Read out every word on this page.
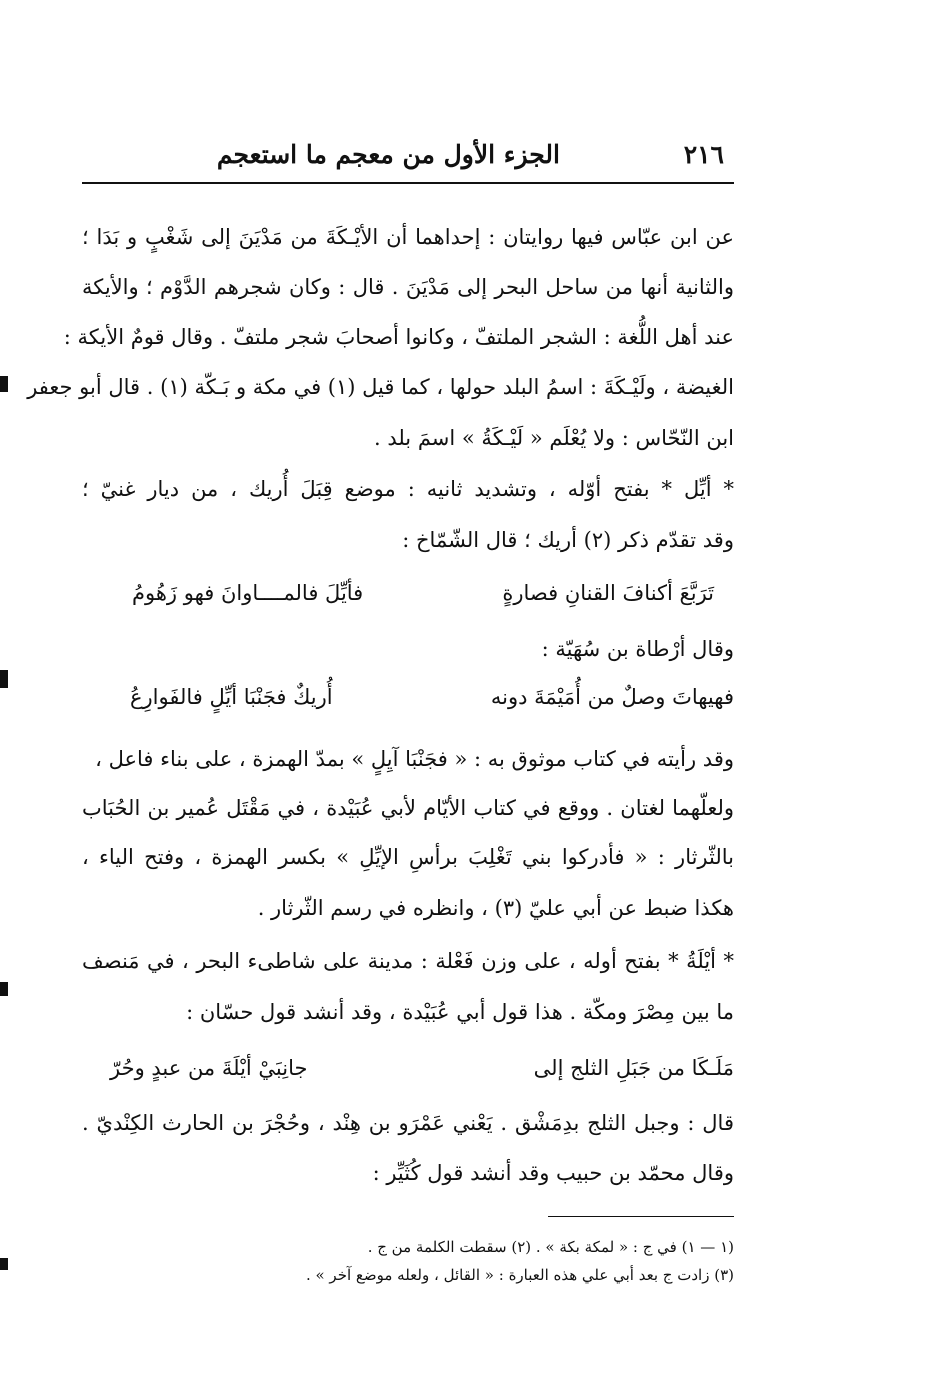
٢١٦
الجزء الأول من معجم ما استعجم
عن ابن عبّاس فيها روايتان : إحداهما أن الأيْـكَةَ من مَدْيَنَ إلى شَغْبٍ و بَدَا ؛
والثانية أنها من ساحل البحر إلى مَدْيَنَ . قال : وكان شجرهم الدَّوْم ؛ والأيكة
عند أهل اللُّغة : الشجر الملتفّ ، وكانوا أصحابَ شجر ملتفّ . وقال قومٌ الأيكة :
الغيضة ، ولَيْـكَةَ : اسمُ البلد حولها ، كما قيل (١) في مكة و بَـكّة (١) . قال أبو جعفر
ابن النّحّاس : ولا يُعْلَم « لَيْـكَةُ » اسمَ بلد .
* أيِّل * بفتح أوّله ، وتشديد ثانيه : موضع قِبَلَ أُريك ، من ديار غنيّ ؛
وقد تقدّم ذكر (٢) أريك ؛ قال الشّمّاخ :
تَرَبَّعَ أكنافَ القنانِ فصارةٍ
فأيِّلَ فالمــــاوانَ فهو زَهُومُ
وقال أرْطاة بن سُهَيّة :
فهيهاتَ وصلٌ من أُمَيْمَةَ دونه
أُريكٌ فجَنْبَا أيِّلٍ فالفَوارِعُ
وقد رأيته في كتاب موثوق به : « فجَنْبَا آيِلٍ » بمدّ الهمزة ، على بناء فاعل ،
ولعلّهما لغتان . ووقع في كتاب الأيّام لأبي عُبَيْدة ، في مَقْتَل عُمير بن الحُبَاب
بالثّرثار : « فأدركوا بني تَغْلِبَ برأسِ الإيِّلِ » بكسر الهمزة ، وفتح الياء ،
هكذا ضبط عن أبي عليّ (٣) ، وانظره في رسم الثّرثار .
* أيْلَةُ * بفتح أوله ، على وزن فَعْلة : مدينة على شاطىء البحر ، في مَنصف
ما بين مِصْرَ ومكّة . هذا قول أبي عُبَيْدة ، وقد أنشد قول حسّان :
مَلَـكَا من جَبَلِ الثلج إلى
جانِبَيْ أيْلَةَ من عبدٍ وحُرّ
قال : وجبل الثلج بدِمَشْق . يَعْني عَمْرَو بن هِنْد ، وحُجْرَ بن الحارث الكِنْديّ .
وقال محمّد بن حبيب وقد أنشد قول كُثَيِّر :
(١ — ١) في ج : « لمكة بكة » . (٢) سقطت الكلمة من ج .
(٣) زادت ج بعد أبي علي هذه العبارة : « القائل ، ولعله موضع آخر » .
